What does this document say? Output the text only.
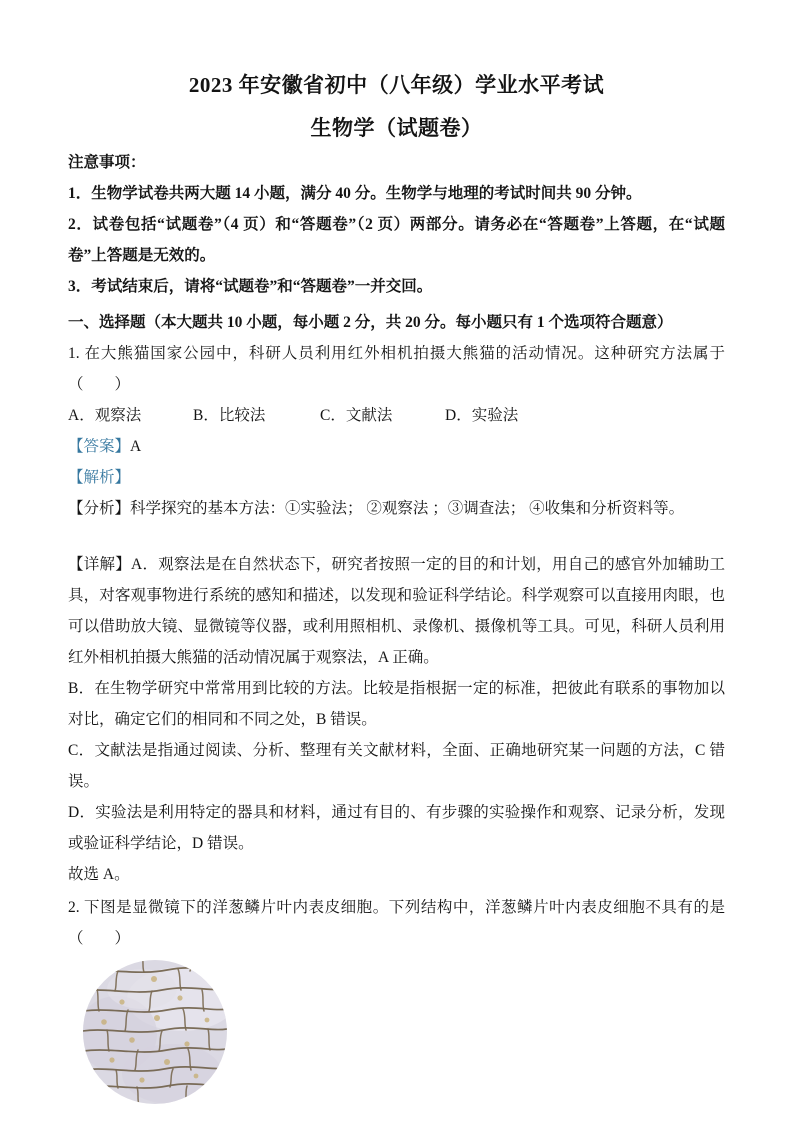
2023 年安徽省初中（八年级）学业水平考试
生物学（试题卷）

注意事项：

1．生物学试卷共两大题 14 小题，满分 40 分。生物学与地理的考试时间共 90 分钟。

2．试卷包括“试题卷”（4 页）和“答题卷”（2 页）两部分。请务必在“答题卷”上答题，在“试题卷”上答题是无效的。

3．考试结束后，请将“试题卷”和“答题卷”一并交回。

一、选择题（本大题共 10 小题，每小题 2 分，共 20 分。每小题只有 1 个选项符合题意）

1. 在大熊猫国家公园中，科研人员利用红外相机拍摄大熊猫的活动情况。这种研究方法属于（　　）

A．观察法	B．比较法	C．文献法	D．实验法

【答案】A

【解析】

【分析】科学探究的基本方法：①实验法； ②观察法 ；③调查法； ④收集和分析资料等。

【详解】A．观察法是在自然状态下，研究者按照一定的目的和计划，用自己的感官外加辅助工具，对客观事物进行系统的感知和描述，以发现和验证科学结论。科学观察可以直接用肉眼，也可以借助放大镜、显微镜等仪器，或利用照相机、录像机、摄像机等工具。可见，科研人员利用红外相机拍摄大熊猫的活动情况属于观察法，A 正确。

B．在生物学研究中常常用到比较的方法。比较是指根据一定的标准，把彼此有联系的事物加以对比，确定它们的相同和不同之处，B 错误。

C．文献法是指通过阅读、分析、整理有关文献材料，全面、正确地研究某一问题的方法，C 错误。

D．实验法是利用特定的器具和材料，通过有目的、有步骤的实验操作和观察、记录分析，发现或验证科学结论，D 错误。

故选 A。

2. 下图是显微镜下的洋葱鳞片叶内表皮细胞。下列结构中，洋葱鳞片叶内表皮细胞不具有的是（　　）
